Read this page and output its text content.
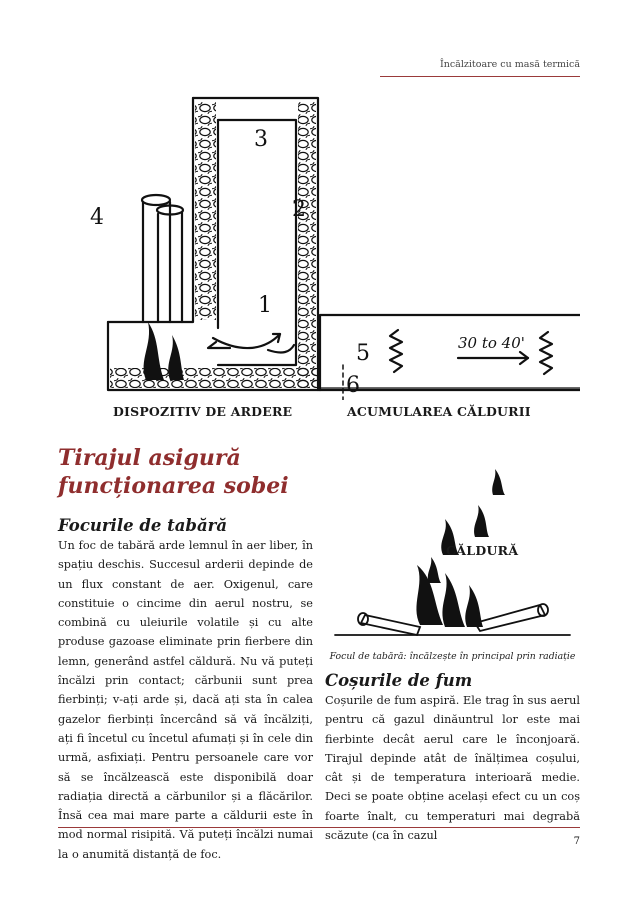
Încălzitoare cu masă termică
1
2
3
4
5
6
30 to 40'
DISPOZITIV DE ARDERE	ACUMULAREA CĂLDURII
Tirajul asigură funcționarea sobei
Focurile de tabără

Un foc de tabără arde lemnul în aer liber, în spațiu deschis. Succesul arderii depinde de un flux constant de aer. Oxigenul, care constituie o cincime din aerul nostru, se combină cu uleiurile volatile și cu alte produse gazoase eliminate prin fierbere din lemn, generând astfel căldură. Nu vă puteți încălzi prin contact; cărbunii sunt prea fierbinți; v-ați arde și, dacă ați sta în calea gazelor fierbinți încercând să vă încălziți, ați fi încetul cu încetul afumați și în cele din urmă, asfixiați. Pentru persoanele care vor să se încălzească este disponibilă doar radiația directă a cărbunilor și a flăcărilor. Însă cea mai mare parte a căldurii este în mod normal risipită. Vă puteți încălzi numai la o anumită distanță de foc.

CĂLDURĂ
Focul de tabără: încălzește în principal prin radiație
Coșurile de fum

Coșurile de fum aspiră. Ele trag în sus aerul pentru că gazul dinăuntrul lor este mai fierbinte decât aerul care le înconjoară. Tirajul depinde atât de înălțimea coșului, cât și de temperatura interioară medie. Deci se poate obține același efect cu un coș foarte înalt, cu temperaturi mai degrabă scăzute (ca în cazul	7
